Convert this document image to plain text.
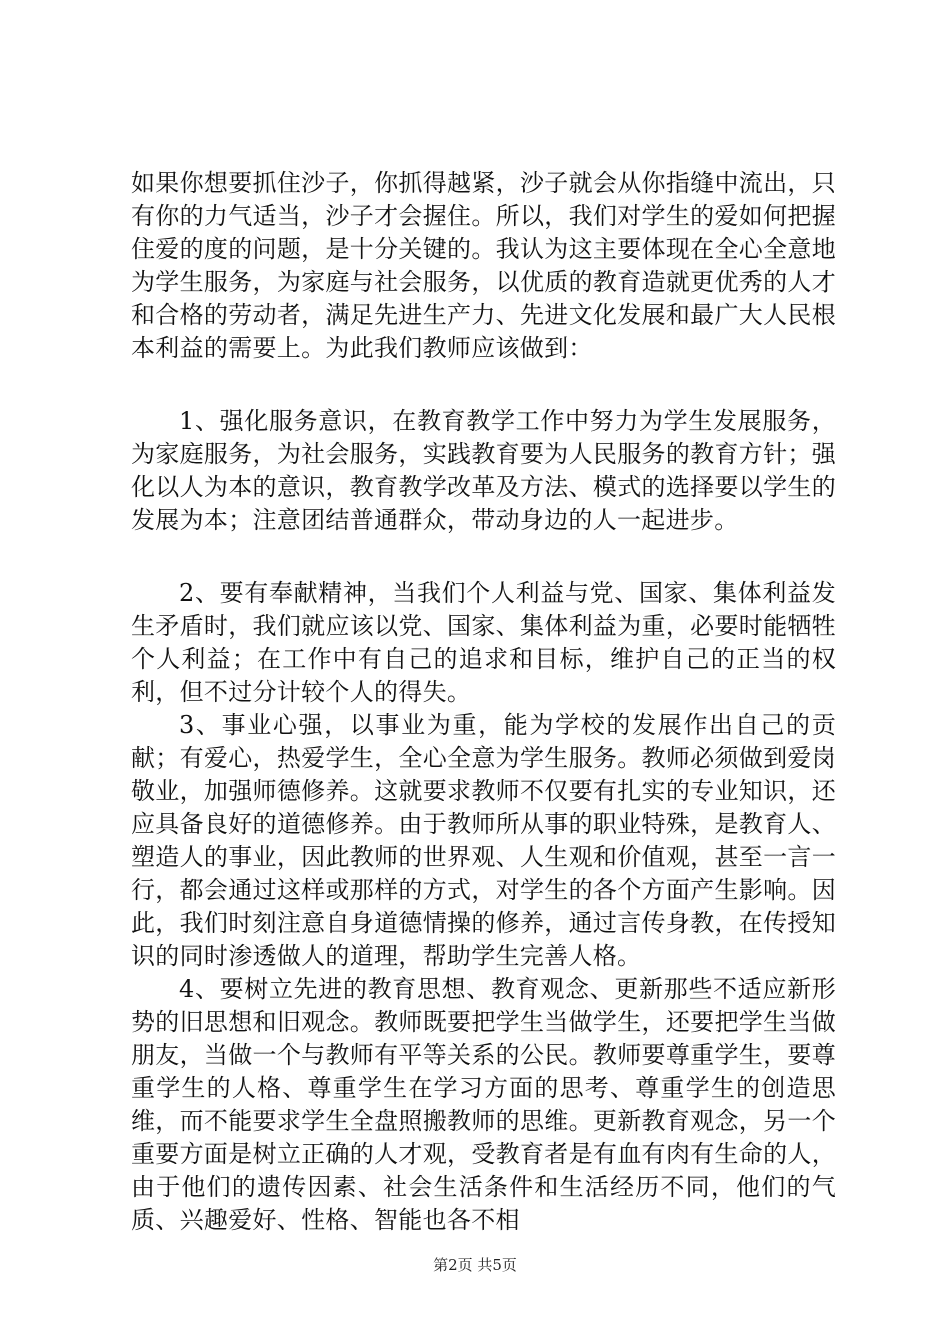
如果你想要抓住沙子，你抓得越紧，沙子就会从你指缝中流出，只有你的力气适当，沙子才会握住。所以，我们对学生的爱如何把握住爱的度的问题，是十分关键的。我认为这主要体现在全心全意地为学生服务，为家庭与社会服务，以优质的教育造就更优秀的人才和合格的劳动者，满足先进生产力、先进文化发展和最广大人民根本利益的需要上。为此我们教师应该做到：

1、强化服务意识，在教育教学工作中努力为学生发展服务，为家庭服务，为社会服务，实践教育要为人民服务的教育方针；强化以人为本的意识，教育教学改革及方法、模式的选择要以学生的发展为本；注意团结普通群众，带动身边的人一起进步。

2、要有奉献精神，当我们个人利益与党、国家、集体利益发生矛盾时，我们就应该以党、国家、集体利益为重，必要时能牺牲个人利益；在工作中有自己的追求和目标，维护自己的正当的权利，但不过分计较个人的得失。

3、事业心强，以事业为重，能为学校的发展作出自己的贡献；有爱心，热爱学生，全心全意为学生服务。教师必须做到爱岗敬业，加强师德修养。这就要求教师不仅要有扎实的专业知识，还应具备良好的道德修养。由于教师所从事的职业特殊，是教育人、塑造人的事业，因此教师的世界观、人生观和价值观，甚至一言一行，都会通过这样或那样的方式，对学生的各个方面产生影响。因此，我们时刻注意自身道德情操的修养，通过言传身教，在传授知识的同时渗透做人的道理，帮助学生完善人格。

4、要树立先进的教育思想、教育观念、更新那些不适应新形势的旧思想和旧观念。教师既要把学生当做学生，还要把学生当做朋友，当做一个与教师有平等关系的公民。教师要尊重学生，要尊重学生的人格、尊重学生在学习方面的思考、尊重学生的创造思维，而不能要求学生全盘照搬教师的思维。更新教育观念，另一个重要方面是树立正确的人才观，受教育者是有血有肉有生命的人，由于他们的遗传因素、社会生活条件和生活经历不同，他们的气质、兴趣爱好、性格、智能也各不相

第2页 共5页
